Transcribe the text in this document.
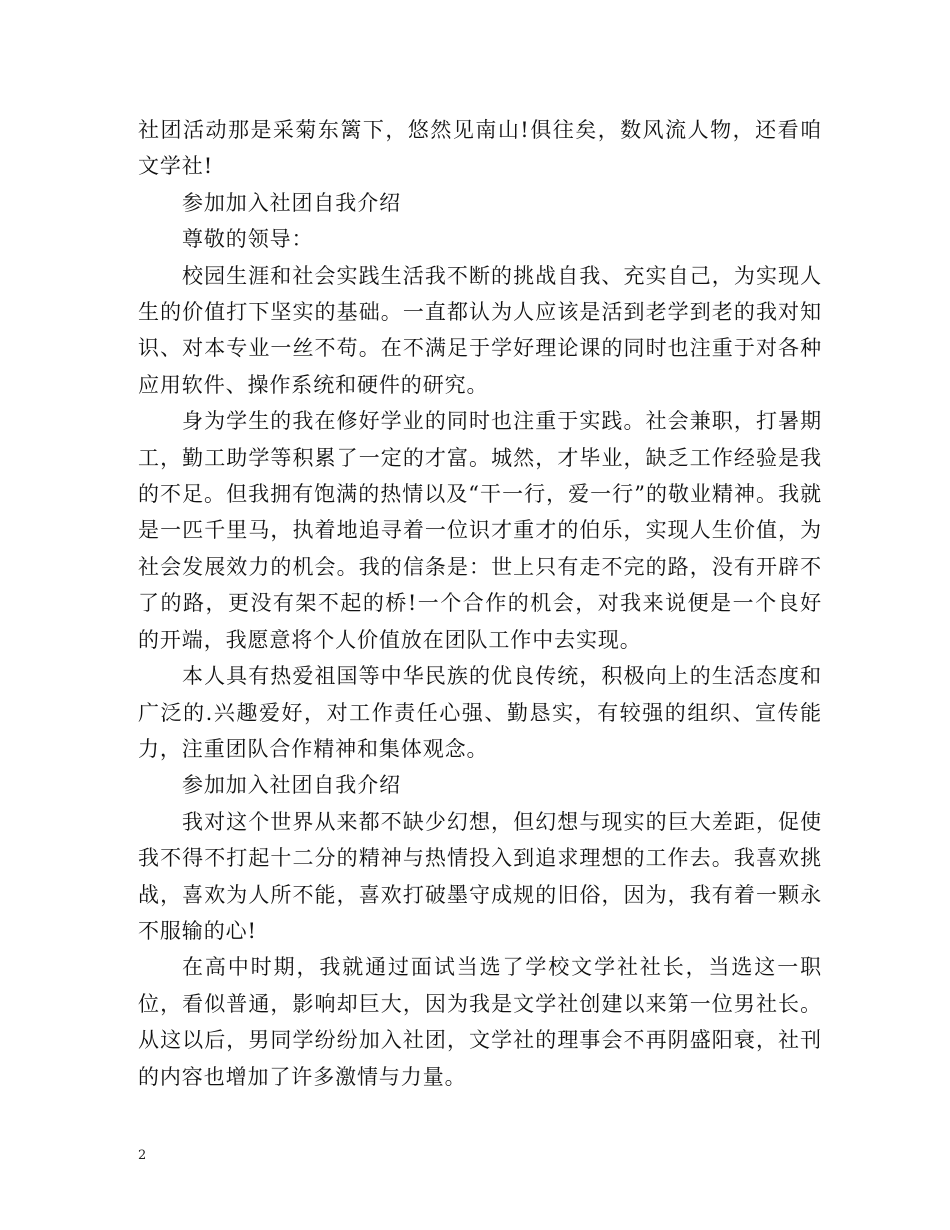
社团活动那是采菊东篱下，悠然见南山!俱往矣，数风流人物，还看咱文学社!

参加加入社团自我介绍

尊敬的领导：

校园生涯和社会实践生活我不断的挑战自我、充实自己，为实现人生的价值打下坚实的基础。一直都认为人应该是活到老学到老的我对知识、对本专业一丝不苟。在不满足于学好理论课的同时也注重于对各种应用软件、操作系统和硬件的研究。

身为学生的我在修好学业的同时也注重于实践。社会兼职，打暑期工，勤工助学等积累了一定的才富。城然，才毕业，缺乏工作经验是我的不足。但我拥有饱满的热情以及“干一行，爱一行”的敬业精神。我就是一匹千里马，执着地追寻着一位识才重才的伯乐，实现人生价值，为社会发展效力的机会。我的信条是：世上只有走不完的路，没有开辟不了的路，更没有架不起的桥!一个合作的机会，对我来说便是一个良好的开端，我愿意将个人价值放在团队工作中去实现。

本人具有热爱祖国等中华民族的优良传统，积极向上的生活态度和广泛的.兴趣爱好，对工作责任心强、勤恳实，有较强的组织、宣传能力，注重团队合作精神和集体观念。

参加加入社团自我介绍

我对这个世界从来都不缺少幻想，但幻想与现实的巨大差距，促使我不得不打起十二分的精神与热情投入到追求理想的工作去。我喜欢挑战，喜欢为人所不能，喜欢打破墨守成规的旧俗，因为，我有着一颗永不服输的心!

在高中时期，我就通过面试当选了学校文学社社长，当选这一职位，看似普通，影响却巨大，因为我是文学社创建以来第一位男社长。从这以后，男同学纷纷加入社团，文学社的理事会不再阴盛阳衰，社刊的内容也增加了许多激情与力量。

2
